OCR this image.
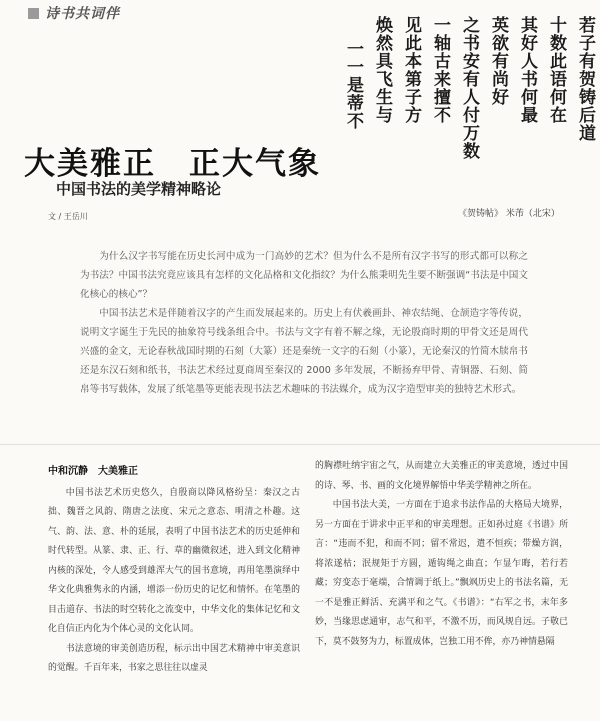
诗书共词伴
若子有贺铸后道
十数此语何在
其好人书何最
英欲有尚好
之书安有人付万数
一轴古来擅不
见此本第子方
焕然具飞生与
一一是蒂不
《贺铸帖》 米芾（北宋）
大美雅正　正大气象
中国书法的美学精神略论
文 / 王岳川

为什么汉字书写能在历史长河中成为一门高妙的艺术？但为什么不是所有汉字书写的形式都可以称之为书法？中国书法究竟应该具有怎样的文化品格和文化指纹？为什么熊秉明先生要不断强调“书法是中国文化核心的核心”？

中国书法艺术是伴随着汉字的产生而发展起来的。历史上有伏羲画卦、神农结绳、仓颉造字等传说，说明文字诞生于先民的抽象符号线条组合中。书法与文字有着不解之缘，无论殷商时期的甲骨文还是周代兴盛的金文，无论春秋战国时期的石刻（大篆）还是秦统一文字的石刻（小篆），无论秦汉的竹简木牍帛书还是东汉石刻和纸书，书法艺术经过夏商周至秦汉的 2000 多年发展，不断扬弃甲骨、青铜器、石刻、简帛等书写载体，发展了纸笔墨等更能表现书法艺术趣味的书法媒介，成为汉字造型审美的独特艺术形式。

中和沉静　大美雅正

中国书法艺术历史悠久，自殷商以降风格纷呈：秦汉之古拙、魏晋之风韵、隋唐之法度、宋元之意态、明清之朴趣。这气、韵、法、意、朴的延展，表明了中国书法艺术的历史延伸和时代转型。从篆、隶、正、行、草的幽微叙述，进入到文化精神内核的深处，令人感受到雄浑大气的国书意境，再用笔墨演绎中华文化典雅隽永的内涵，增添一份历史的记忆和情怀。在笔墨的目击道存、书法的时空转化之流变中，中华文化的集体记忆和文化自信正内化为个体心灵的文化认同。

书法意境的审美创造历程，标示出中国艺术精神中审美意识的觉醒。千百年来，书家之思往往以虚灵

的胸襟吐纳宇宙之气，从而建立大美雅正的审美意境，透过中国的诗、琴、书、画的文化境界解悟中华美学精神之所在。

中国书法大美，一方面在于追求书法作品的大格局大境界，另一方面在于讲求中正平和的审美理想。正如孙过庭《书谱》所言：“违而不犯，和而不同；留不常迟，遣不恒疾；带燥方润，将浓遂枯；泯规矩于方圆，遁钩绳之曲直；乍显乍晦，若行若藏；穷变态于毫端，合情调于纸上。”飘飒历史上的书法名篇，无一不是雅正鲜活、充满平和之气。《书谱》：“右军之书，末年多妙，当缘思虑通审，志气和平，不激不历，而风规自远。子敬已下，莫不鼓努为力，标置成体，岂独工用不侔，亦乃神情悬隔
